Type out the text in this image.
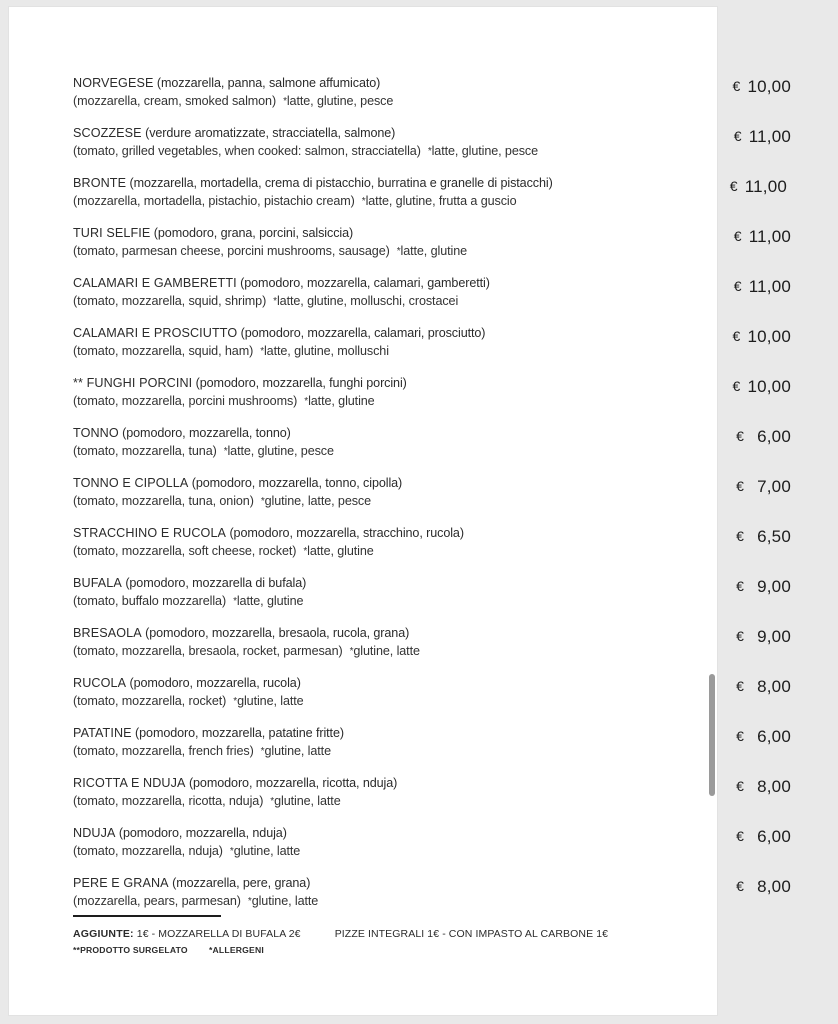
NORVEGESE (mozzarella, panna, salmone affumicato)
(mozzarella, cream, smoked salmon) *latte, glutine, pesce
€ 10,00
SCOZZESE (verdure aromatizzate, stracciatella, salmone)
(tomato, grilled vegetables, when cooked: salmon, stracciatella) *latte, glutine, pesce
€ 11,00
BRONTE (mozzarella, mortadella, crema di pistacchio, burratina e granelle di pistacchi)
(mozzarella, mortadella, pistachio, pistachio cream) *latte, glutine, frutta a guscio
€ 11,00
TURI SELFIE (pomodoro, grana, porcini, salsiccia)
(tomato, parmesan cheese, porcini mushrooms, sausage) *latte, glutine
€ 11,00
CALAMARI E GAMBERETTI (pomodoro, mozzarella, calamari, gamberetti)
(tomato, mozzarella, squid, shrimp) *latte, glutine, molluschi, crostacei
€ 11,00
CALAMARI E PROSCIUTTO (pomodoro, mozzarella, calamari, prosciutto)
(tomato, mozzarella, squid, ham) *latte, glutine, molluschi
€ 10,00
** FUNGHI PORCINI (pomodoro, mozzarella, funghi porcini)
(tomato, mozzarella, porcini mushrooms) *latte, glutine
€ 10,00
TONNO (pomodoro, mozzarella, tonno)
(tomato, mozzarella, tuna) *latte, glutine, pesce
€ 6,00
TONNO E CIPOLLA (pomodoro, mozzarella, tonno, cipolla)
(tomato, mozzarella, tuna, onion) *glutine, latte, pesce
€ 7,00
STRACCHINO E RUCOLA (pomodoro, mozzarella, stracchino, rucola)
(tomato, mozzarella, soft cheese, rocket) *latte, glutine
€ 6,50
BUFALA (pomodoro, mozzarella di bufala)
(tomato, buffalo mozzarella) *latte, glutine
€ 9,00
BRESAOLA (pomodoro, mozzarella, bresaola, rucola, grana)
(tomato, mozzarella, bresaola, rocket, parmesan) *glutine, latte
€ 9,00
RUCOLA (pomodoro, mozzarella, rucola)
(tomato, mozzarella, rocket) *glutine, latte
€ 8,00
PATATINE (pomodoro, mozzarella, patatine fritte)
(tomato, mozzarella, french fries) *glutine, latte
€ 6,00
RICOTTA E NDUJA (pomodoro, mozzarella, ricotta, nduja)
(tomato, mozzarella, ricotta, nduja) *glutine, latte
€ 8,00
NDUJA (pomodoro, mozzarella, nduja)
(tomato, mozzarella, nduja) *glutine, latte
€ 6,00
PERE E GRANA (mozzarella, pere, grana)
(mozzarella, pears, parmesan) *glutine, latte
€ 8,00
AGGIUNTE: 1€ - MOZZARELLA DI BUFALA 2€	PIZZE INTEGRALI 1€ - CON IMPASTO AL CARBONE 1€
**PRODOTTO SURGELATO *ALLERGENI
